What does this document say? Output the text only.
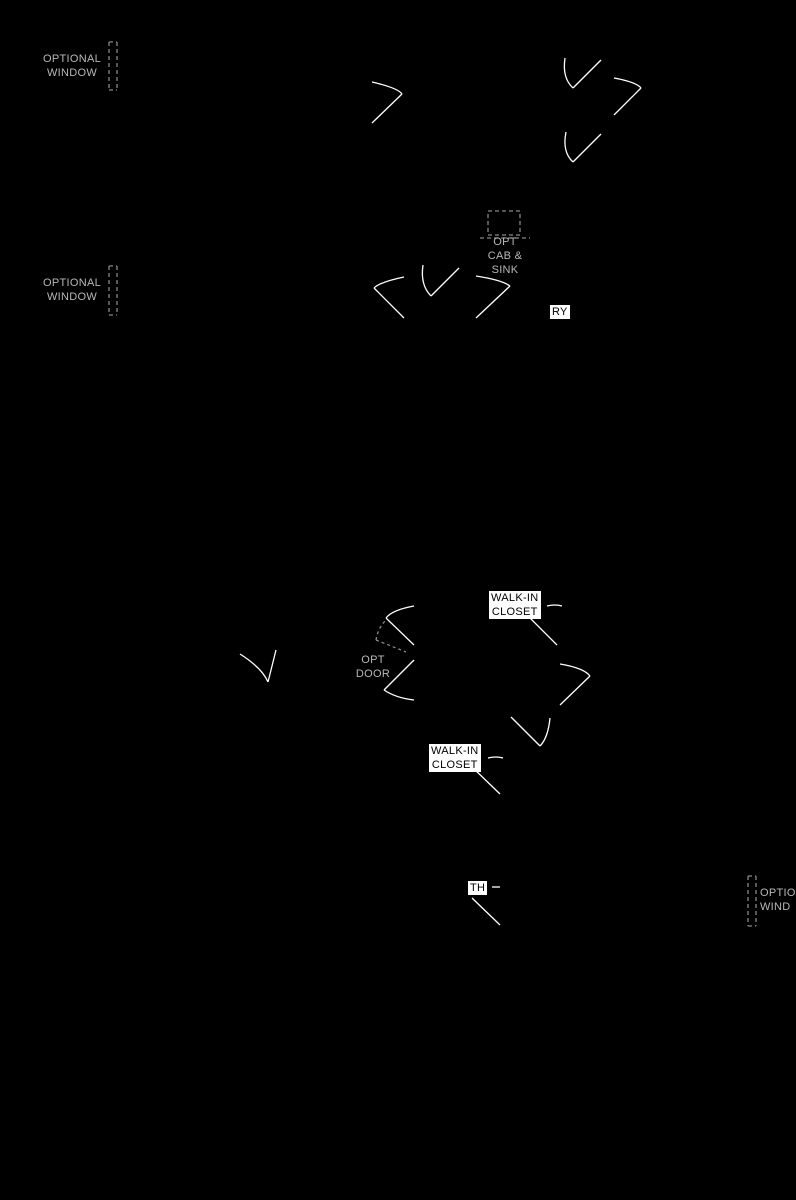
OPTIONAL
WINDOW
OPTIONAL
WINDOW
OPTIO
WIND
OPT
CAB &
SINK
RY
WALK-IN
CLOSET
WALK-IN
CLOSET
OPT
DOOR
TH
